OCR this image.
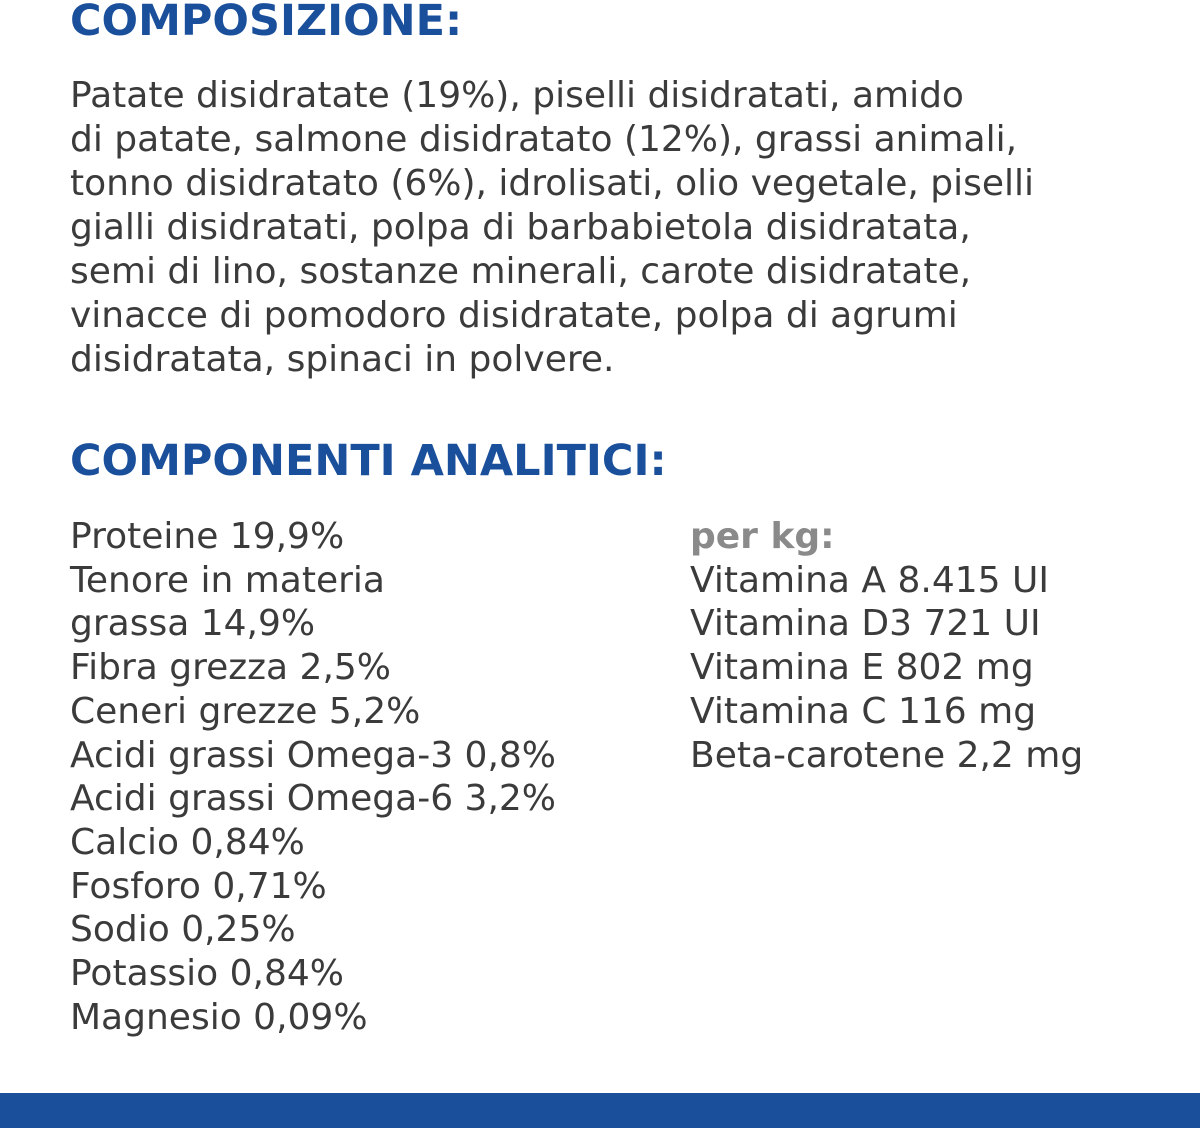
COMPOSIZIONE:

Patate disidratate (19%), piselli disidratati, amido
di patate, salmone disidratato (12%), grassi animali,
tonno disidratato (6%), idrolisati, olio vegetale, piselli
gialli disidratati, polpa di barbabietola disidratata,
semi di lino, sostanze minerali, carote disidratate,
vinacce di pomodoro disidratate, polpa di agrumi
disidratata, spinaci in polvere.

COMPONENTI ANALITICI:
Proteine 19,9%
Tenore in materia
grassa 14,9%
Fibra grezza 2,5%
Ceneri grezze 5,2%
Acidi grassi Omega-3 0,8%
Acidi grassi Omega-6 3,2%
Calcio 0,84%
Fosforo 0,71%
Sodio 0,25%
Potassio 0,84%
Magnesio 0,09%
per kg:
Vitamina A 8.415 UI
Vitamina D3 721 UI
Vitamina E 802 mg
Vitamina C 116 mg
Beta-carotene 2,2 mg
